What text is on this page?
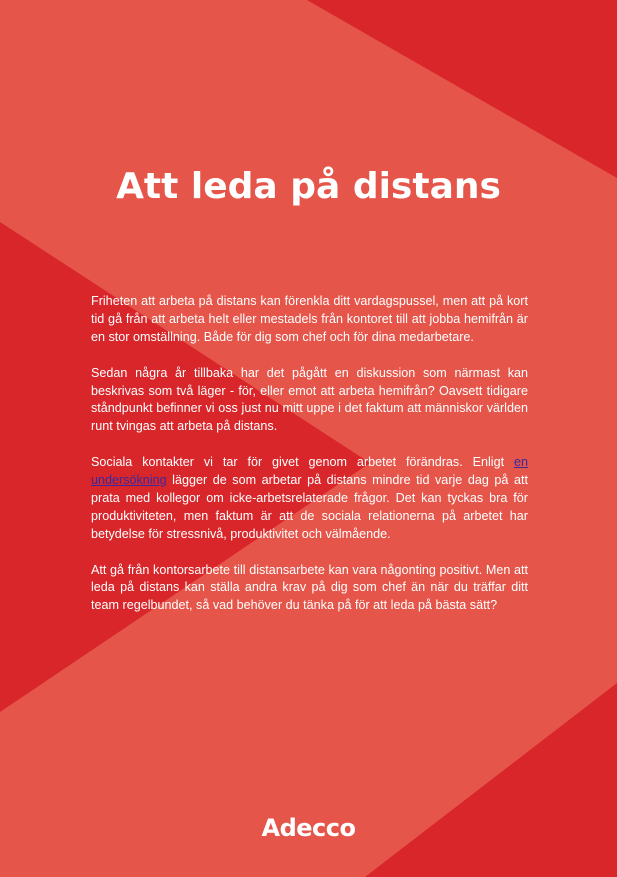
Att leda på distans

Friheten att arbeta på distans kan förenkla ditt vardagspussel, men att på kort tid gå från att arbeta helt eller mestadels från kontoret till att jobba hemifrån är en stor omställning. Både för dig som chef och för dina medarbetare.

Sedan några år tillbaka har det pågått en diskussion som närmast kan beskrivas som två läger - för, eller emot att arbeta hemifrån? Oavsett tidigare ståndpunkt befinner vi oss just nu mitt uppe i det faktum att människor världen runt tvingas att arbeta på distans.

Sociala kontakter vi tar för givet genom arbetet förändras. Enligt en undersökning lägger de som arbetar på distans mindre tid varje dag på att prata med kollegor om icke-arbetsrelaterade frågor. Det kan tyckas bra för produktiviteten, men faktum är att de sociala relationerna på arbetet har betydelse för stressnivå, produktivitet och välmående.

Att gå från kontorsarbete till distansarbete kan vara någonting positivt. Men att leda på distans kan ställa andra krav på dig som chef än när du träffar ditt team regelbundet, så vad behöver du tänka på för att leda på bästa sätt?

Adecco
